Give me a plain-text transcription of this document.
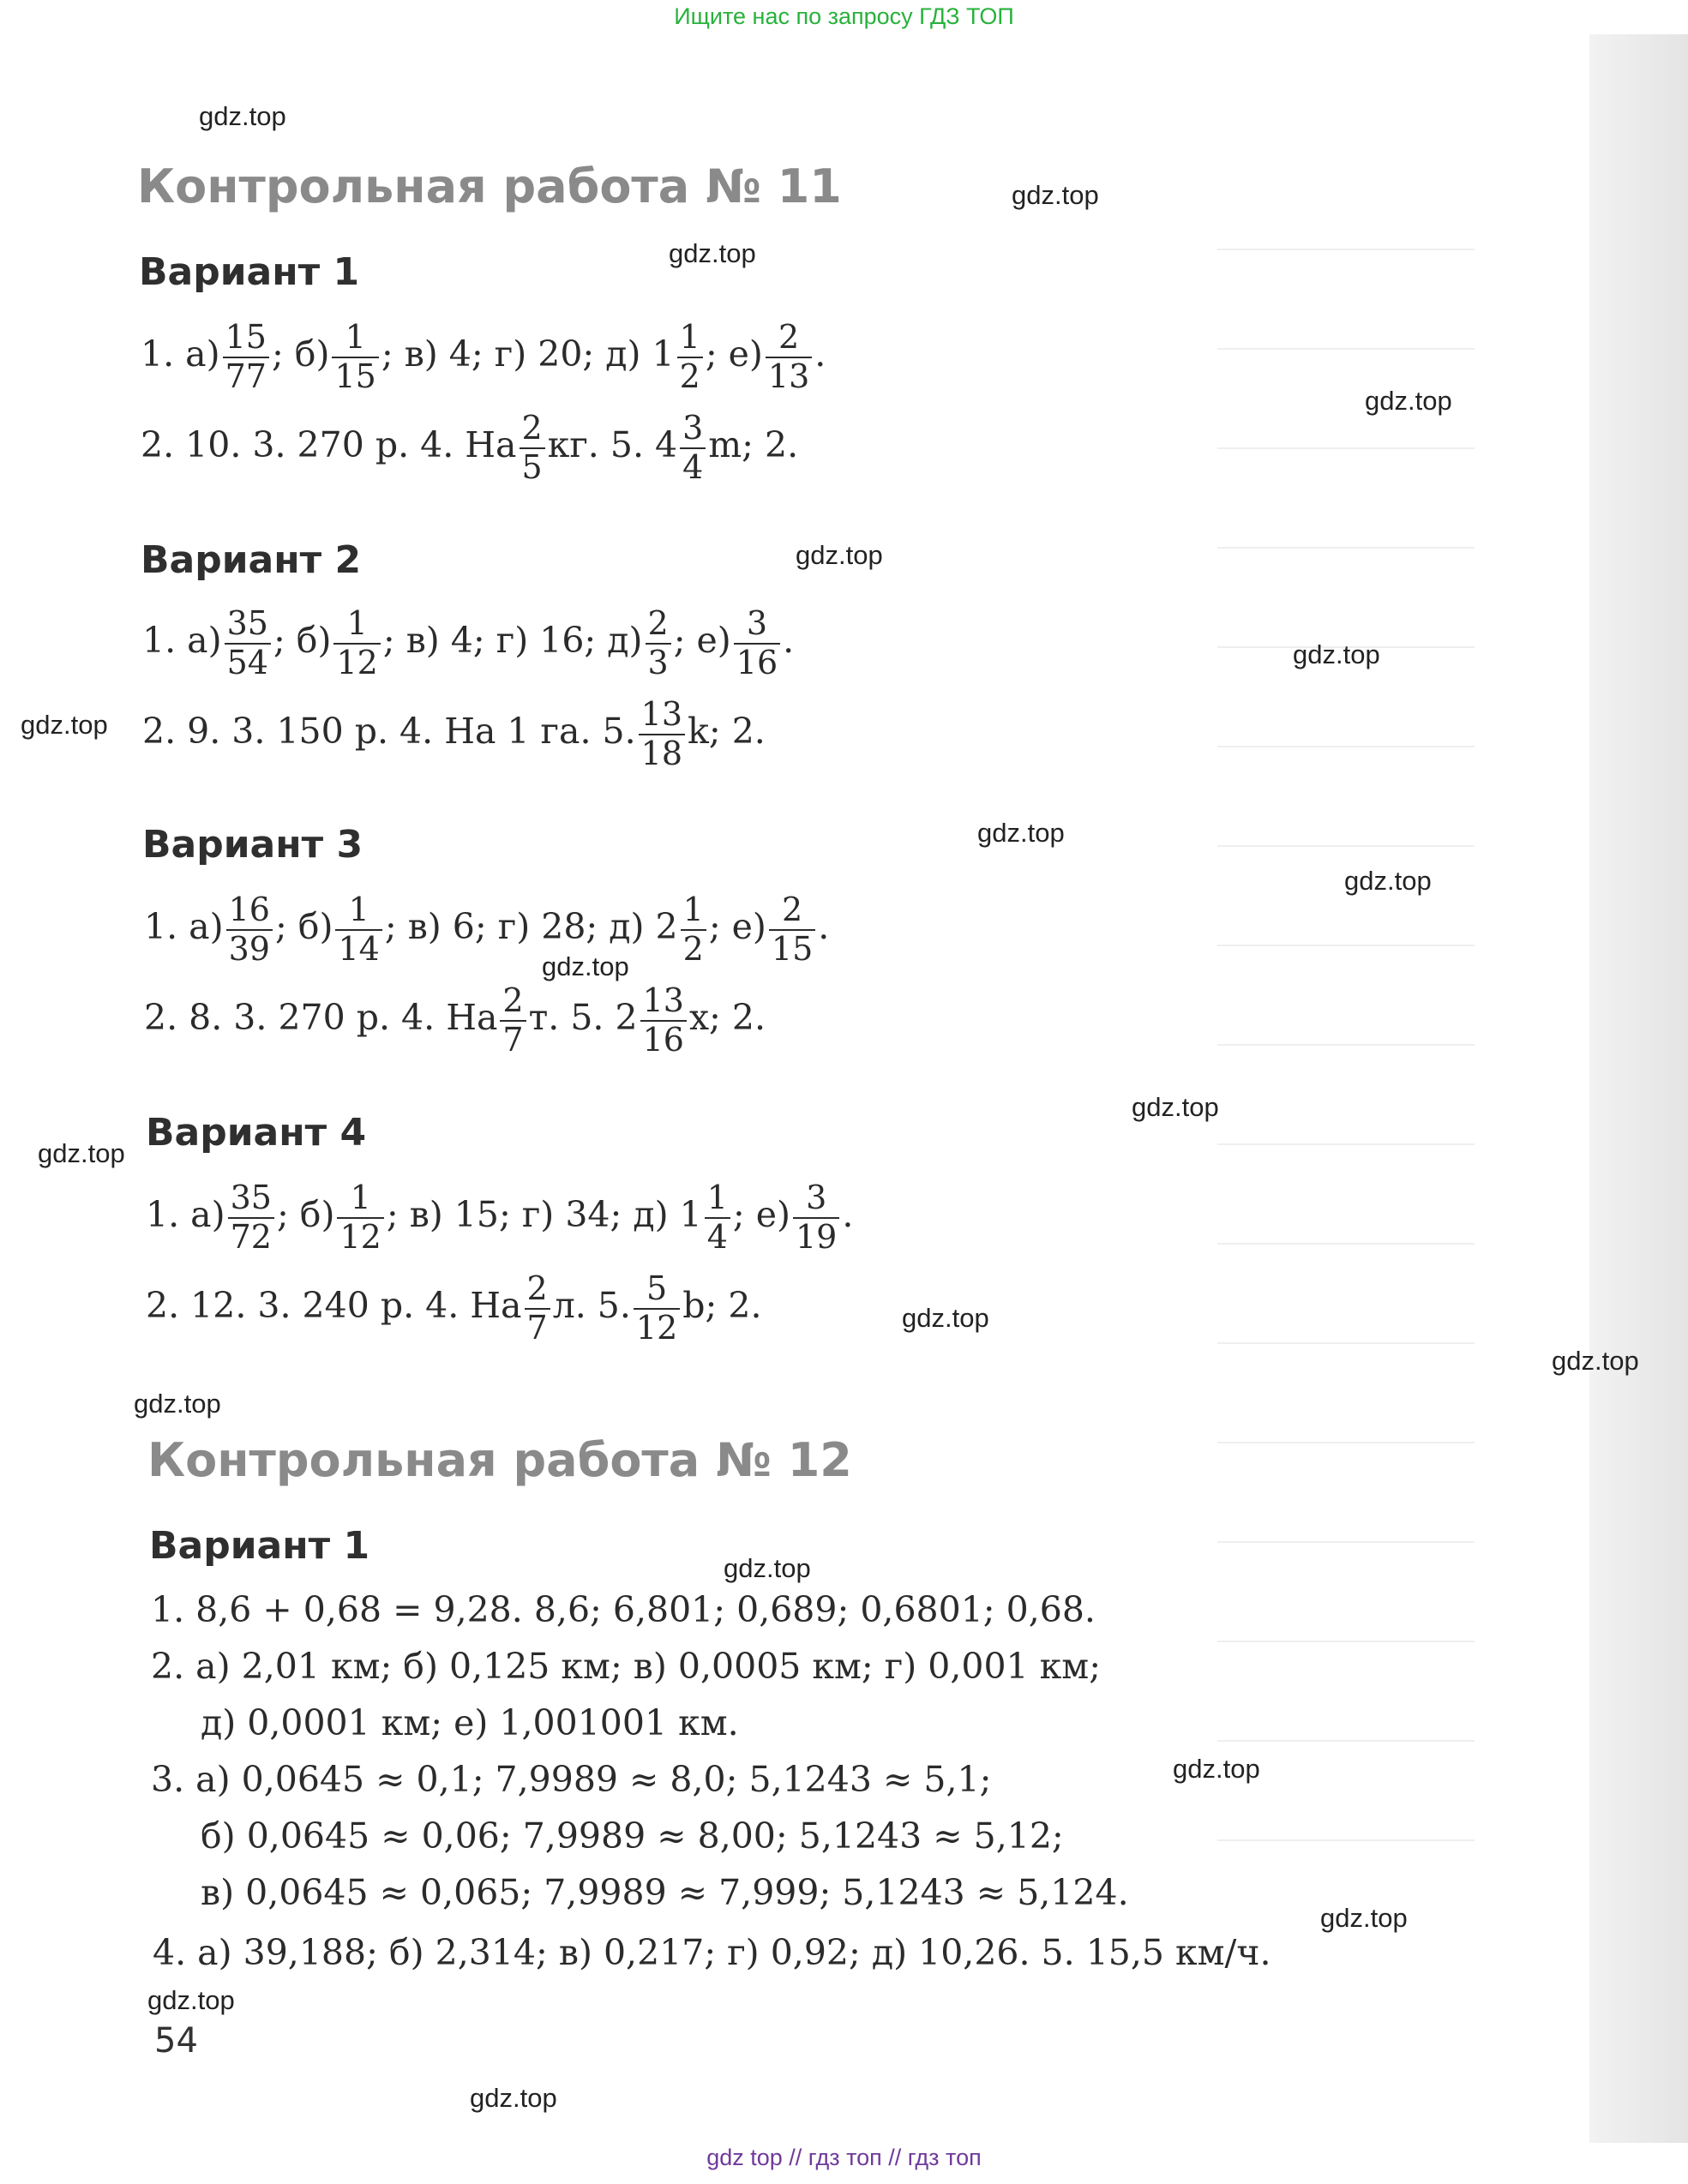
Ищите нас по запросу ГДЗ ТОП
gdz.top
gdz.top
gdz.top
gdz.top
gdz.top
gdz.top
gdz.top
gdz.top
gdz.top
gdz.top
gdz.top
gdz.top
gdz.top
gdz.top
gdz.top
gdz.top
gdz.top
gdz.top
gdz.top
gdz.top
Контрольная работа № 11
Вариант 1
1. $а) \frac{15}{77}$ ; $б) \frac{1}{15}$ ; в) 4; г) 20; д) $1 \frac{1}{2}$ ; $е) \frac{2}{13}$ .
2. 10. 3. 270 р. 4. На $\frac{2}{5}$ кг. 5. $4 \frac{3}{4} m$; 2.
Вариант 2
1. $а) \frac{35}{54}$ ; $б) \frac{1}{12}$ ; в) 4; г) 16; $д) \frac{2}{3}$ ; $е) \frac{3}{16}$ .
2. 9. 3. 150 р. 4. На 1 га. 5. $\frac{13}{18} k$; 2.
Вариант 3
1. $а) \frac{16}{39}$ ; $б) \frac{1}{14}$ ; в) 6; г) 28; д) $2 \frac{1}{2}$ ; $е) \frac{2}{15}$ .
2. 8. 3. 270 р. 4. На $\frac{2}{7} т$. 5. $2 \frac{13}{16} x$; 2.
Вариант 4
1. $а) \frac{35}{72}$ ; $б) \frac{1}{12}$ ; в) 15; г) 34; д) $1 \frac{1}{4}$ ; $е) \frac{3}{19}$ .
2. 12. 3. 240 р. 4. На $\frac{2}{7} л$. 5. $\frac{5}{12} b$; 2.
Контрольная работа № 12
Вариант 1
1. 8,6 + 0,68 = 9,28. 8,6; 6,801; 0,689; 0,6801; 0,68.
2. а) 2,01 км; б) 0,125 км; в) 0,0005 км; г) 0,001 км;
д) 0,0001 км; е) 1,001001 км.
3. а) 0,0645 ≈ 0,1; 7,9989 ≈ 8,0; 5,1243 ≈ 5,1;
б) 0,0645 ≈ 0,06; 7,9989 ≈ 8,00; 5,1243 ≈ 5,12;
в) 0,0645 ≈ 0,065; 7,9989 ≈ 7,999; 5,1243 ≈ 5,124.
4. а) 39,188; б) 2,314; в) 0,217; г) 0,92; д) 10,26. 5. 15,5 км/ч.
54
gdz top // гдз топ // гдз топ
